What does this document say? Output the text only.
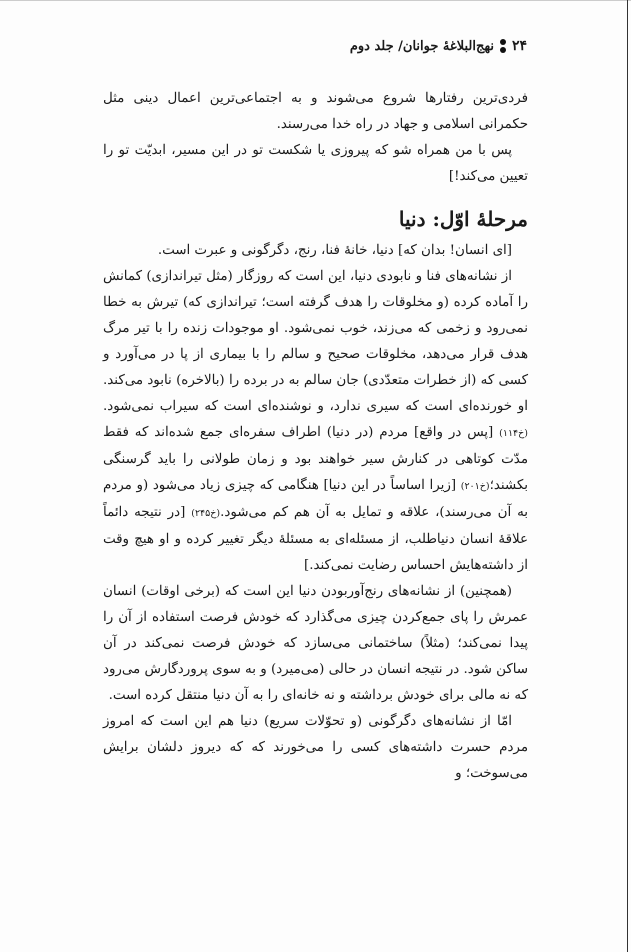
۲۴
نهج‌البلاغهٔ جوانان/ جلد دوم

فردی‌ترین رفتارها شروع می‌شوند و به اجتماعی‌ترین اعمال دینی مثل حکمرانی اسلامی و جهاد در راه خدا می‌رسند.

پس با من همراه شو که پیروزی یا شکست تو در این مسیر، ابدیّت تو را تعیین می‌کند!]

مرحلهٔ اوّل: دنیا

[ای انسان! بدان که] دنیا، خانهٔ فنا، رنج، دگرگونی و عبرت است.

از نشانه‌های فنا و نابودی دنیا، این است که روزگار (مثل تیراندازی) کمانش را آماده کرده (و مخلوقات را هدف گرفته است؛ تیراندازی که) تیرش به خطا نمی‌رود و زخمی که می‌زند، خوب نمی‌شود. او موجودات زنده را با تیر مرگ هدف قرار می‌دهد، مخلوقات صحیح و سالم را با بیماری از پا در می‌آورد و کسی که (از خطرات متعدّدی) جان سالم به در برده را (بالاخره) نابود می‌کند. او خورنده‌ای است که سیری ندارد، و نوشنده‌ای است که سیراب نمی‌شود.(خ۱۱۴) [پس در واقع] مردم (در دنیا) اطراف سفره‌ای جمع شده‌اند که فقط مدّت کوتاهی در کنارش سیر خواهند بود و زمان طولانی را باید گرسنگی بکشند؛(خ۲۰۱) [زیرا اساساً در این دنیا] هنگامی که چیزی زیاد می‌شود (و مردم به آن می‌رسند)، علاقه و تمایل به آن هم کم می‌شود.(خ۲۴۵) [در نتیجه دائماً علاقهٔ انسان دنیاطلب، از مسئله‌ای به مسئلهٔ دیگر تغییر کرده و او هیچ وقت از داشته‌هایش احساس رضایت نمی‌کند.]

(همچنین) از نشانه‌های رنج‌آوربودن دنیا این است که (برخی اوقات) انسان عمرش را پای جمع‌کردن چیزی می‌گذارد که خودش فرصت استفاده از آن را پیدا نمی‌کند؛ (مثلاً) ساختمانی می‌سازد که خودش فرصت نمی‌کند در آن ساکن شود. در نتیجه انسان در حالی (می‌میرد) و به سوی پروردگارش می‌رود که نه مالی برای خودش برداشته و نه خانه‌ای را به آن دنیا منتقل کرده است.

امّا از نشانه‌های دگرگونی (و تحوّلات سریع) دنیا هم این است که امروز مردم حسرت داشته‌های کسی را می‌خورند که که دیروز دلشان برایش می‌سوخت؛ و
